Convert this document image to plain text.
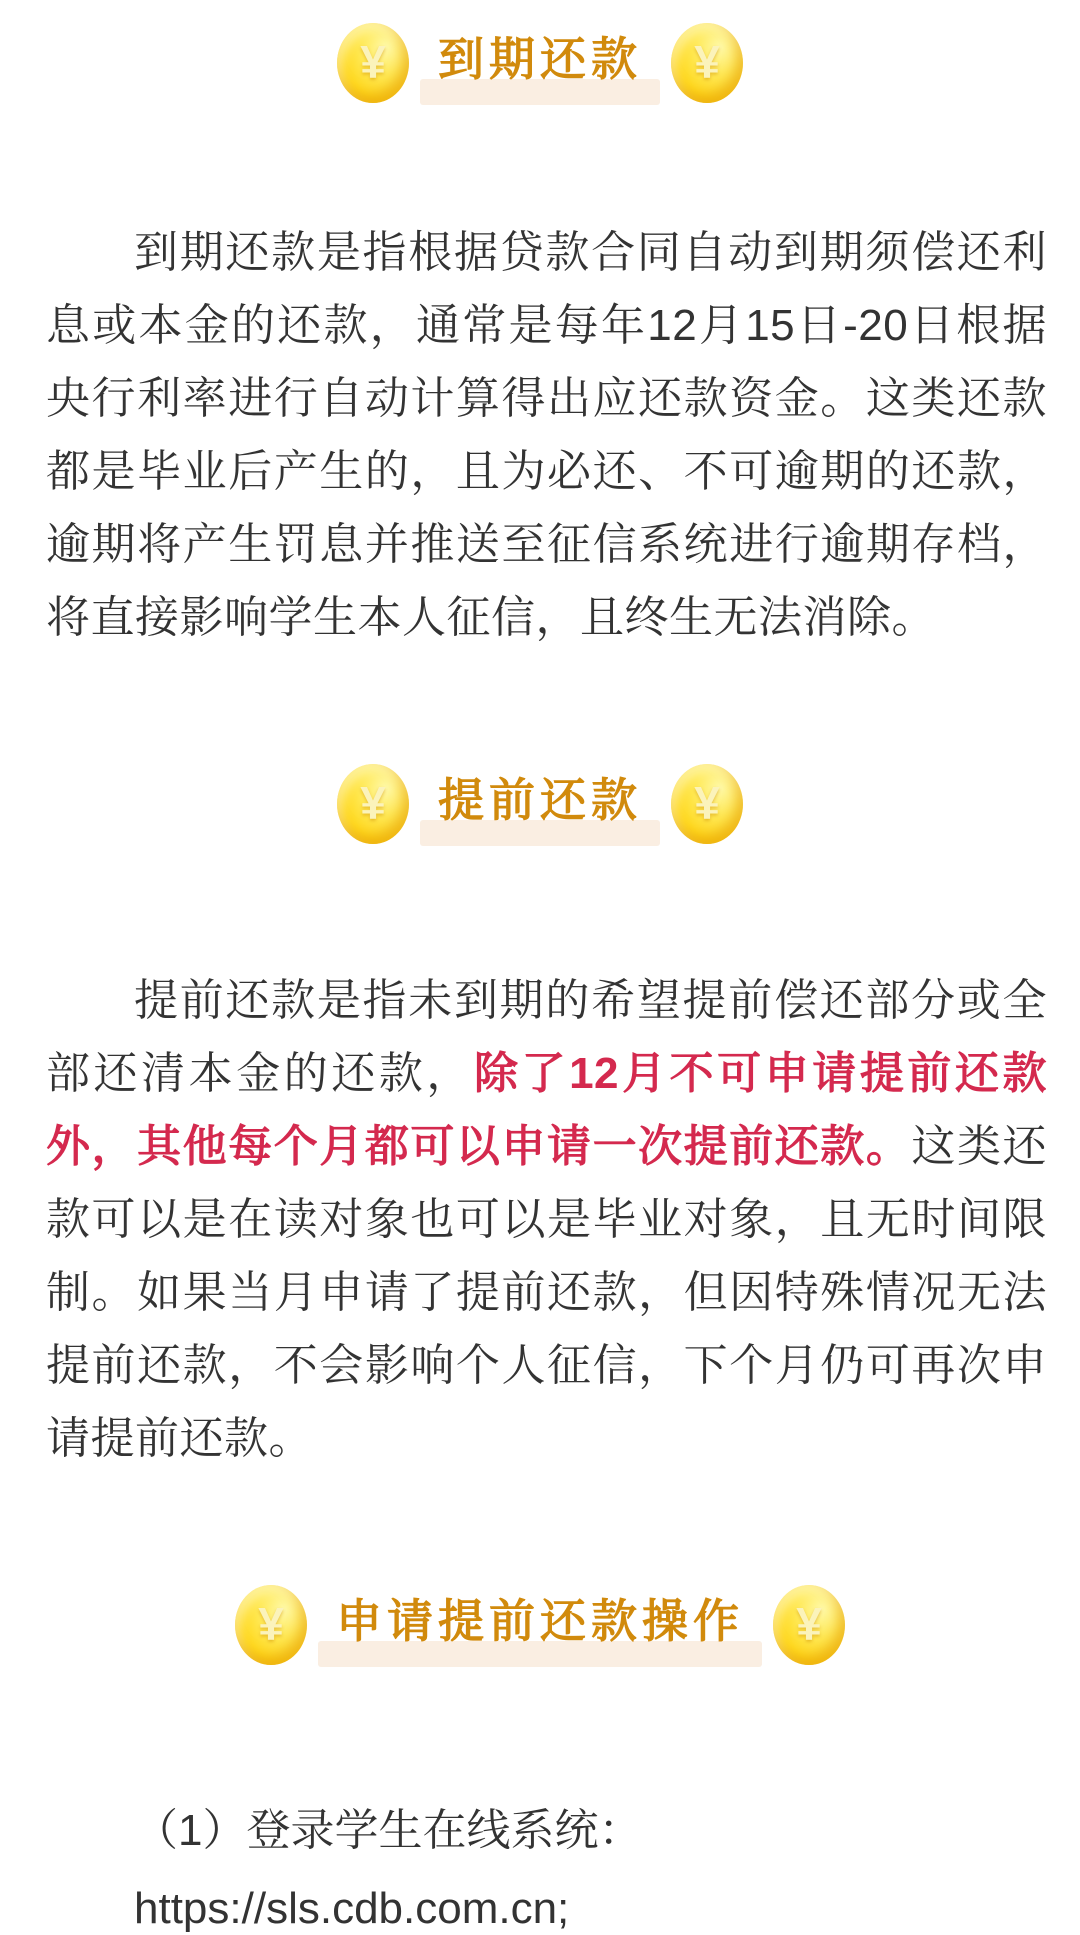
¥ 到期还款 ¥

到期还款是指根据贷款合同自动到期须偿还利息或本金的还款，通常是每年12月15日-20日根据央行利率进行自动计算得出应还款资金。这类还款都是毕业后产生的，且为必还、不可逾期的还款，逾期将产生罚息并推送至征信系统进行逾期存档，将直接影响学生本人征信，且终生无法消除。

¥ 提前还款 ¥

提前还款是指未到期的希望提前偿还部分或全部还清本金的还款，除了12月不可申请提前还款外，其他每个月都可以申请一次提前还款。这类还款可以是在读对象也可以是毕业对象，且无时间限制。如果当月申请了提前还款，但因特殊情况无法提前还款，不会影响个人征信，下个月仍可再次申请提前还款。

¥ 申请提前还款操作 ¥

（1）登录学生在线系统：

https://sls.cdb.com.cn;
